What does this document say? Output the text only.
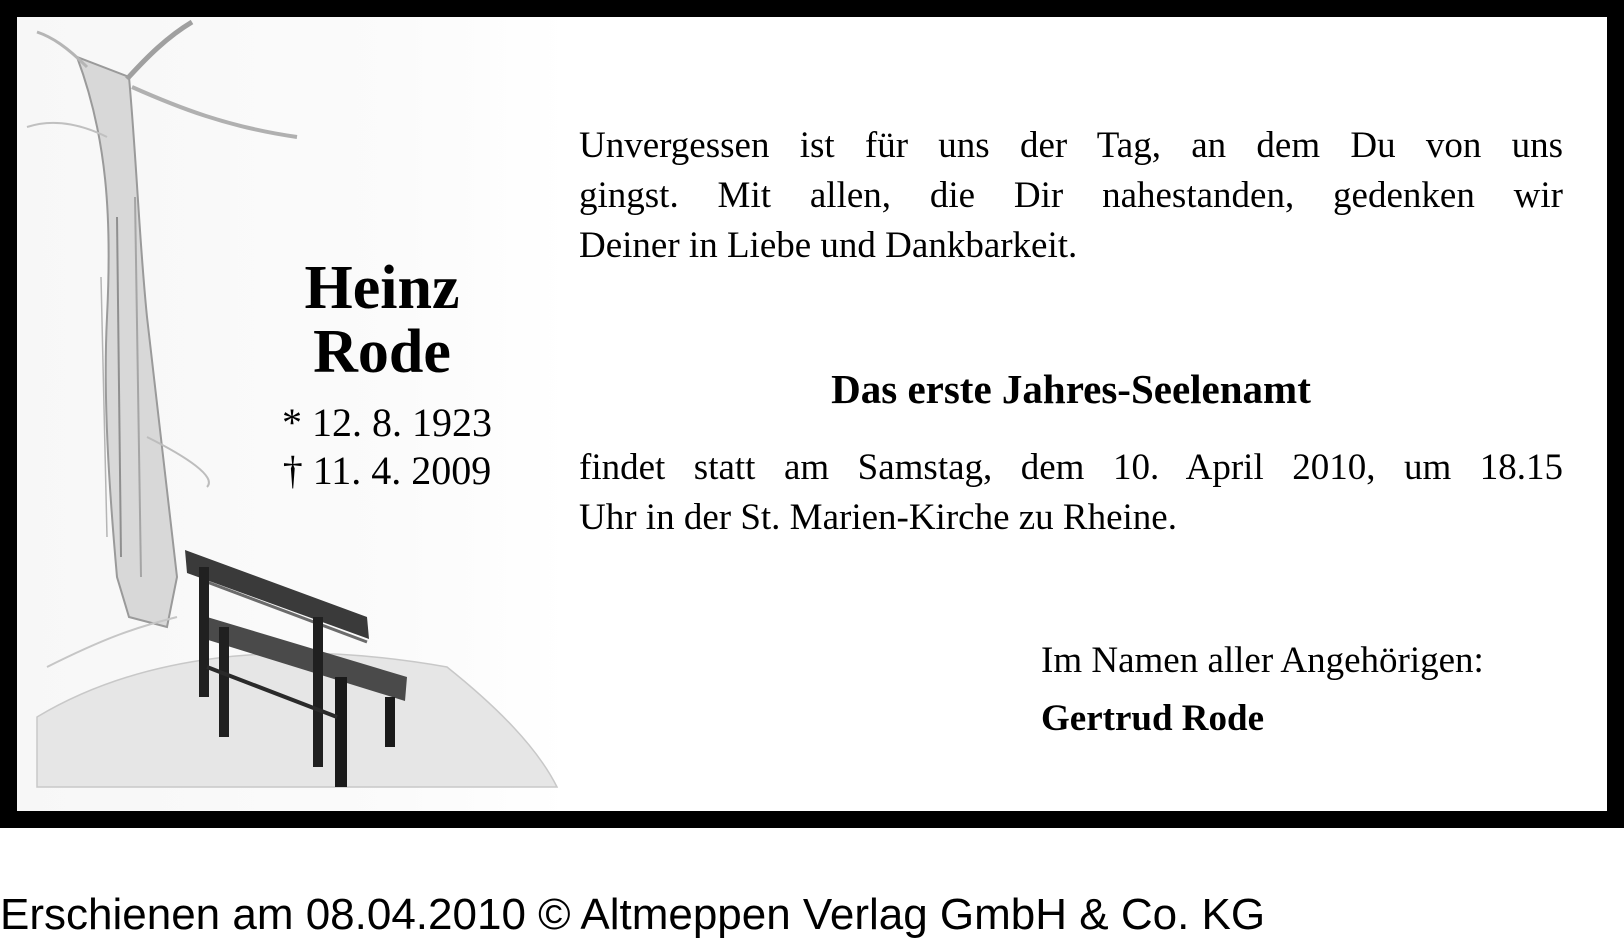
Heinz
Rode
* 12. 8. 1923
† 11. 4. 2009
Unvergessen ist für uns der Tag, an dem Du von uns
gingst. Mit allen, die Dir nahestanden, gedenken wir
Deiner in Liebe und Dankbarkeit.
Das erste Jahres-Seelenamt
findet statt am Samstag, dem 10. April 2010, um 18.15
Uhr in der St. Marien-Kirche zu Rheine.
Im Namen aller Angehörigen:
Gertrud Rode
Erschienen am 08.04.2010 © Altmeppen Verlag GmbH & Co. KG
